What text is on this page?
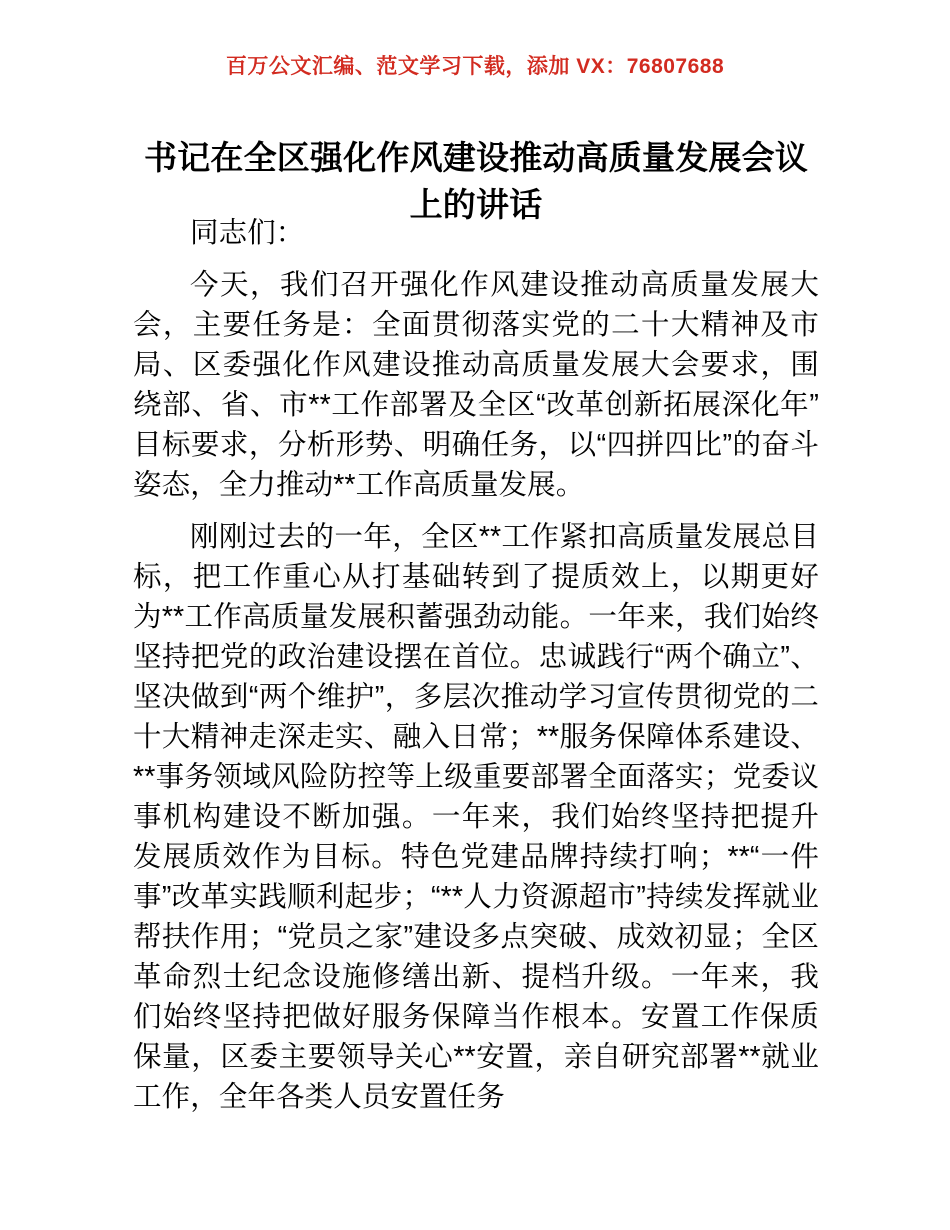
百万公文汇编、范文学习下载，添加 VX：76807688
书记在全区强化作风建设推动高质量发展会议上的讲话

同志们：

今天，我们召开强化作风建设推动高质量发展大会，主要任务是：全面贯彻落实党的二十大精神及市局、区委强化作风建设推动高质量发展大会要求，围绕部、省、市**工作部署及全区“改革创新拓展深化年”目标要求，分析形势、明确任务，以“四拼四比”的奋斗姿态，全力推动**工作高质量发展。

刚刚过去的一年，全区**工作紧扣高质量发展总目标，把工作重心从打基础转到了提质效上，以期更好为**工作高质量发展积蓄强劲动能。一年来，我们始终坚持把党的政治建设摆在首位。忠诚践行“两个确立”、坚决做到“两个维护”，多层次推动学习宣传贯彻党的二十大精神走深走实、融入日常；**服务保障体系建设、**事务领域风险防控等上级重要部署全面落实；党委议事机构建设不断加强。一年来，我们始终坚持把提升发展质效作为目标。特色党建品牌持续打响；**“一件事”改革实践顺利起步；“**人力资源超市”持续发挥就业帮扶作用；“党员之家”建设多点突破、成效初显；全区革命烈士纪念设施修缮出新、提档升级。一年来，我们始终坚持把做好服务保障当作根本。安置工作保质保量，区委主要领导关心**安置，亲自研究部署**就业工作，全年各类人员安置任务
